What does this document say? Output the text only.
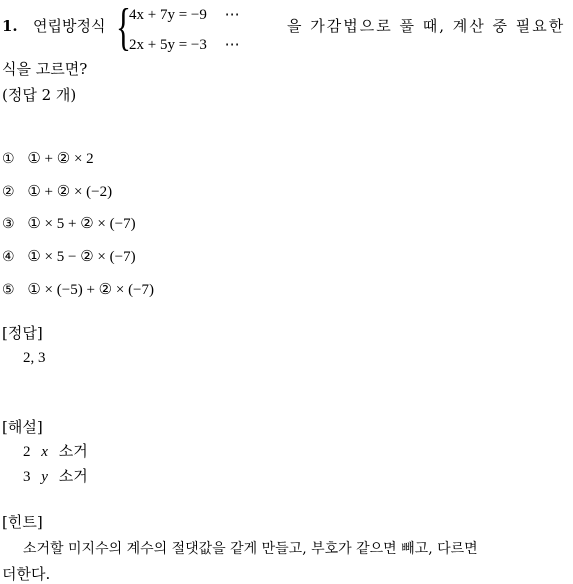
1. 연립방정식 {
4x + 7y = −9 ⋯
2x + 5y = −3 ⋯
을 가감법으로 풀 때, 계산 중 필요한
식을 고르면?
(정답 2 개)
① ① + ② × 2
② ① + ② × (−2)
③ ① × 5 + ② × (−7)
④ ① × 5 − ② × (−7)
⑤ ① × (−5) + ② × (−7)
[정답]
2, 3
[해설]
2 x 소거
3 y 소거
[힌트]
소거할 미지수의 계수의 절댓값을 같게 만들고, 부호가 같으면 빼고, 다르면
더한다.
